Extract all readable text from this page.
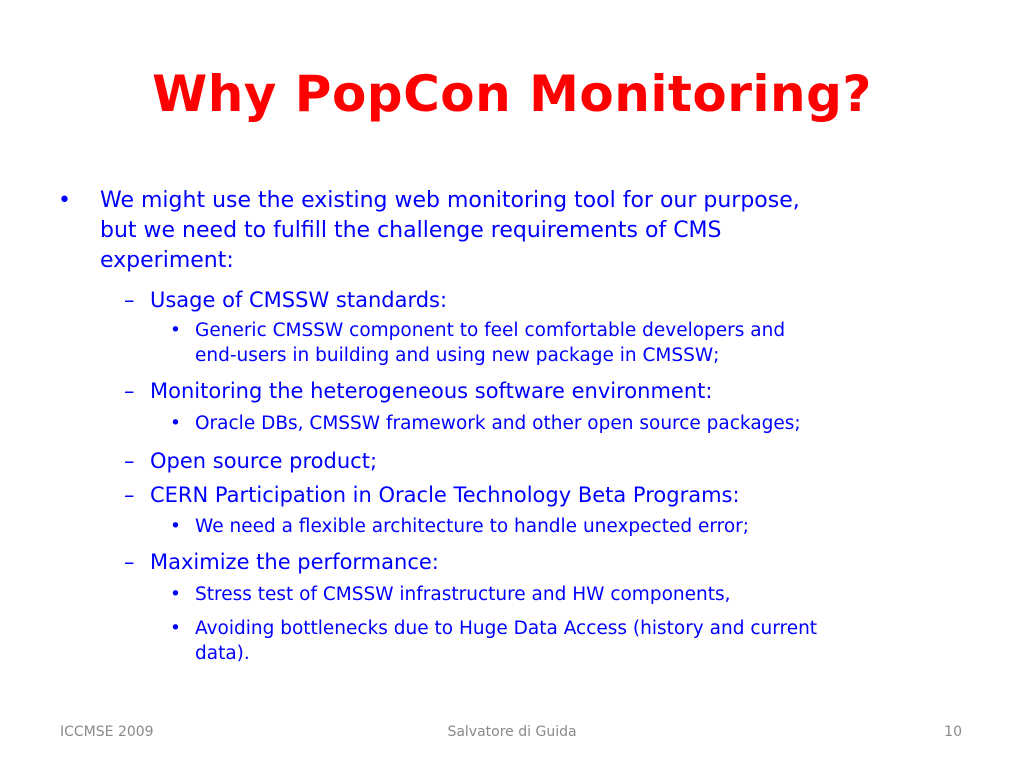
Why PopCon Monitoring?
• We might use the existing web monitoring tool for our purpose,
but we need to fulfill the challenge requirements of CMS
experiment:
– Usage of CMSSW standards:
• Generic CMSSW component to feel comfortable developers and
end-users in building and using new package in CMSSW;
– Monitoring the heterogeneous software environment:
• Oracle DBs, CMSSW framework and other open source packages;
– Open source product;
– CERN Participation in Oracle Technology Beta Programs:
• We need a flexible architecture to handle unexpected error;
– Maximize the performance:
• Stress test of CMSSW infrastructure and HW components,
• Avoiding bottlenecks due to Huge Data Access (history and current
data).
ICCMSE 2009	Salvatore di Guida	10
